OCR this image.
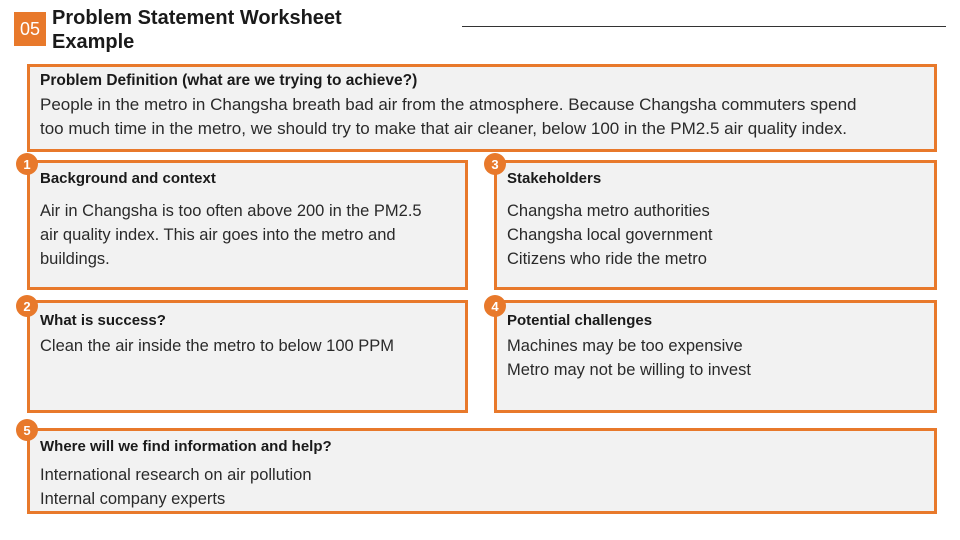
05 Problem Statement Worksheet
Example
Problem Definition (what are we trying to achieve?)
People in the metro in Changsha breath bad air from the atmosphere. Because Changsha commuters spend
too much time in the metro, we should try to make that air cleaner, below 100 in the PM2.5 air quality index.
Background and context
Air in Changsha is too often above 200 in the PM2.5
air quality index. This air goes into the metro and
buildings.
1
Stakeholders
Changsha metro authorities
Changsha local government
Citizens who ride the metro
3
What is success?
Clean the air inside the metro to below 100 PPM
2
Potential challenges
Machines may be too expensive
Metro may not be willing to invest
4
Where will we find information and help?
International research on air pollution
Internal company experts
5
